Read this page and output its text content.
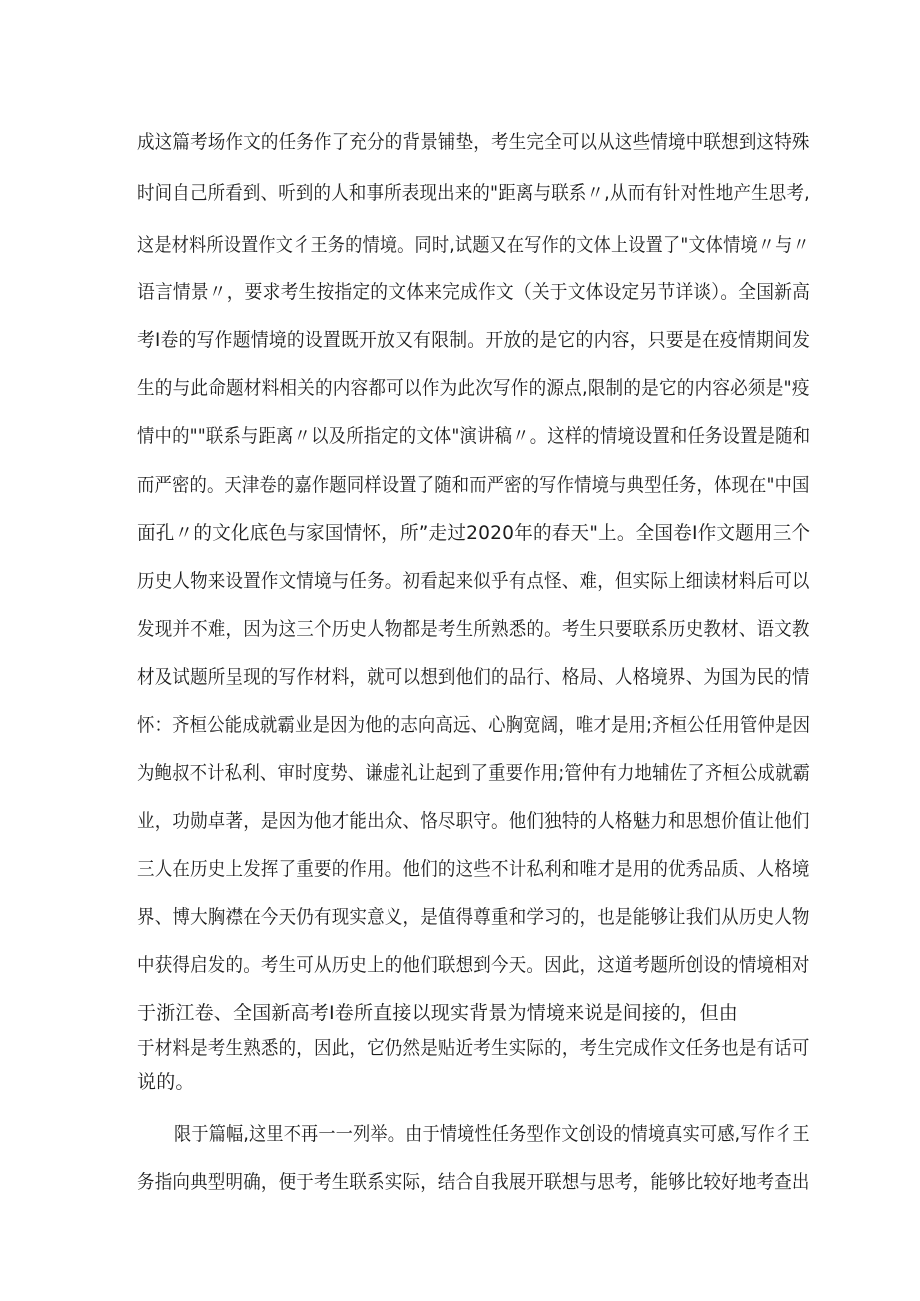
成这篇考场作文的任务作了充分的背景铺垫，考生完全可以从这些情境中联想到这特殊
时间自己所看到、听到的人和事所表现出来的"距离与联系〃,从而有针对性地产生思考,
这是材料所设置作文彳王务的情境。同时,试题又在写作的文体上设置了"文体情境〃与〃
语言情景〃，要求考生按指定的文体来完成作文（关于文体设定另节详谈）。全国新高
考Ⅰ卷的写作题情境的设置既开放又有限制。开放的是它的内容，只要是在疫情期间发
生的与此命题材料相关的内容都可以作为此次写作的源点,限制的是它的内容必须是"疫
情中的""联系与距离〃以及所指定的文体"演讲稿〃。这样的情境设置和任务设置是随和
而严密的。天津卷的嘉作题同样设置了随和而严密的写作情境与典型任务，体现在"中国
面孔〃的文化底色与家国情怀，所”走过2020年的春天"上。全国卷Ⅰ作文题用三个
历史人物来设置作文情境与任务。初看起来似乎有点怪、难，但实际上细读材料后可以
发现并不难，因为这三个历史人物都是考生所熟悉的。考生只要联系历史教材、语文教
材及试题所呈现的写作材料，就可以想到他们的品行、格局、人格境界、为国为民的情
怀：齐桓公能成就霸业是因为他的志向高远、心胸宽阔，唯才是用;齐桓公任用管仲是因
为鲍叔不计私利、审时度势、谦虚礼让起到了重要作用;管仲有力地辅佐了齐桓公成就霸
业，功勋卓著，是因为他才能出众、恪尽职守。他们独特的人格魅力和思想价值让他们
三人在历史上发挥了重要的作用。他们的这些不计私利和唯才是用的优秀品质、人格境
界、博大胸襟在今天仍有现实意义，是值得尊重和学习的，也是能够让我们从历史人物
中获得启发的。考生可从历史上的他们联想到今天。因此，这道考题所创设的情境相对
于浙江卷、全国新高考Ⅰ卷所直接以现实背景为情境来说是间接的，但由
于材料是考生熟悉的，因此，它仍然是贴近考生实际的，考生完成作文任务也是有话可
说的。
限于篇幅,这里不再一一列举。由于情境性任务型作文创设的情境真实可感,写作彳王
务指向典型明确，便于考生联系实际，结合自我展开联想与思考，能够比较好地考查出
